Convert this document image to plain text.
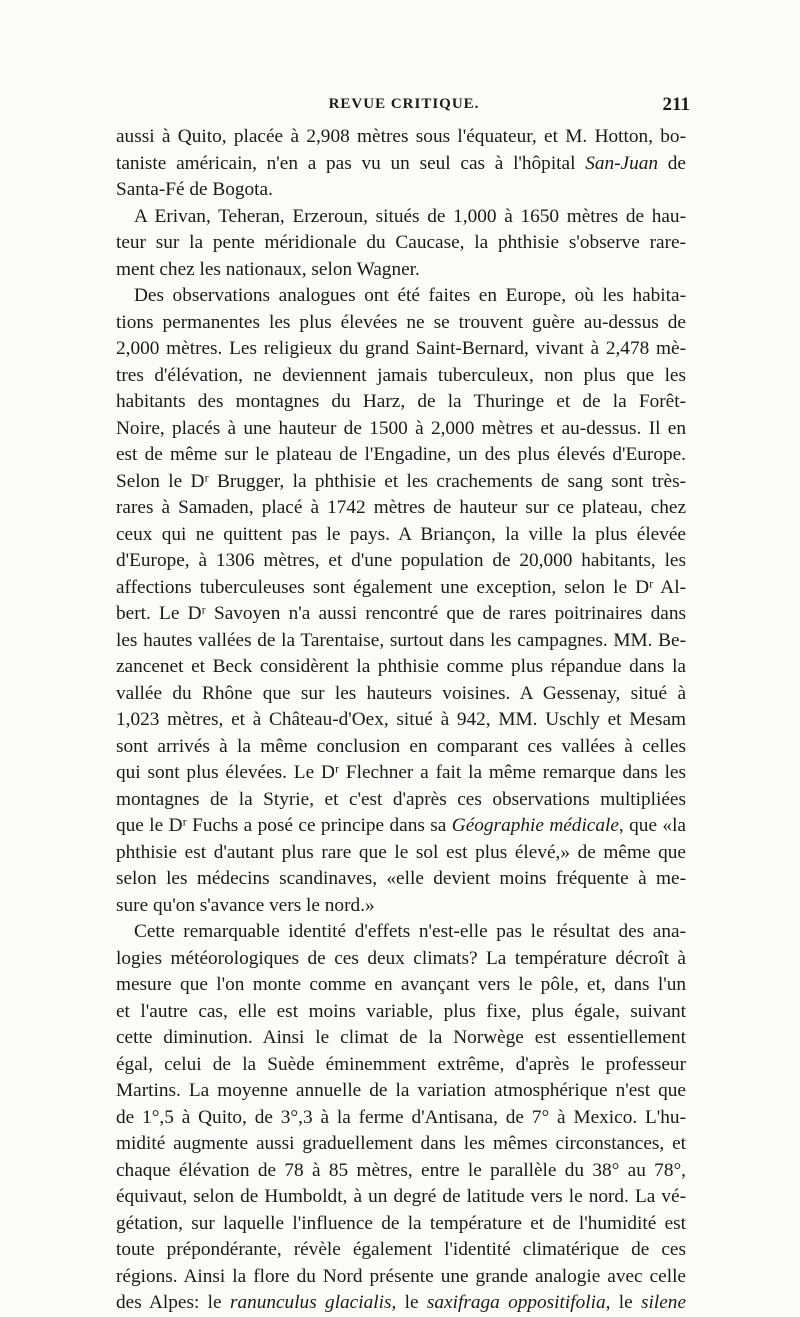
REVUE CRITIQUE.	211
aussi à Quito, placée à 2,908 mètres sous l'équateur, et M. Hotton, bo-
taniste américain, n'en a pas vu un seul cas à l'hôpital San-Juan de
Santa-Fé de Bogota.
A Erivan, Teheran, Erzeroun, situés de 1,000 à 1650 mètres de hau-
teur sur la pente méridionale du Caucase, la phthisie s'observe rare-
ment chez les nationaux, selon Wagner.
Des observations analogues ont été faites en Europe, où les habita-
tions permanentes les plus élevées ne se trouvent guère au-dessus de
2,000 mètres. Les religieux du grand Saint-Bernard, vivant à 2,478 mè-
tres d'élévation, ne deviennent jamais tuberculeux, non plus que les
habitants des montagnes du Harz, de la Thuringe et de la Forêt-
Noire, placés à une hauteur de 1500 à 2,000 mètres et au-dessus. Il en
est de même sur le plateau de l'Engadine, un des plus élevés d'Europe.
Selon le Dʳ Brugger, la phthisie et les crachements de sang sont très-
rares à Samaden, placé à 1742 mètres de hauteur sur ce plateau, chez
ceux qui ne quittent pas le pays. A Briançon, la ville la plus élevée
d'Europe, à 1306 mètres, et d'une population de 20,000 habitants, les
affections tuberculeuses sont également une exception, selon le Dʳ Al-
bert. Le Dʳ Savoyen n'a aussi rencontré que de rares poitrinaires dans
les hautes vallées de la Tarentaise, surtout dans les campagnes. MM. Be-
zancenet et Beck considèrent la phthisie comme plus répandue dans la
vallée du Rhône que sur les hauteurs voisines. A Gessenay, situé à
1,023 mètres, et à Château-d'Oex, situé à 942, MM. Uschly et Mesam
sont arrivés à la même conclusion en comparant ces vallées à celles
qui sont plus élevées. Le Dʳ Flechner a fait la même remarque dans les
montagnes de la Styrie, et c'est d'après ces observations multipliées
que le Dʳ Fuchs a posé ce principe dans sa Géographie médicale, que «la
phthisie est d'autant plus rare que le sol est plus élevé,» de même que
selon les médecins scandinaves, «elle devient moins fréquente à me-
sure qu'on s'avance vers le nord.»
Cette remarquable identité d'effets n'est-elle pas le résultat des ana-
logies météorologiques de ces deux climats? La température décroît à
mesure que l'on monte comme en avançant vers le pôle, et, dans l'un
et l'autre cas, elle est moins variable, plus fixe, plus égale, suivant
cette diminution. Ainsi le climat de la Norwège est essentiellement
égal, celui de la Suède éminemment extrême, d'après le professeur
Martins. La moyenne annuelle de la variation atmosphérique n'est que
de 1°,5 à Quito, de 3°,3 à la ferme d'Antisana, de 7° à Mexico. L'hu-
midité augmente aussi graduellement dans les mêmes circonstances, et
chaque élévation de 78 à 85 mètres, entre le parallèle du 38° au 78°,
équivaut, selon de Humboldt, à un degré de latitude vers le nord. La vé-
gétation, sur laquelle l'influence de la température et de l'humidité est
toute prépondérante, révèle également l'identité climatérique de ces
régions. Ainsi la flore du Nord présente une grande analogie avec celle
des Alpes: le ranunculus glacialis, le saxifraga oppositifolia, le silene
